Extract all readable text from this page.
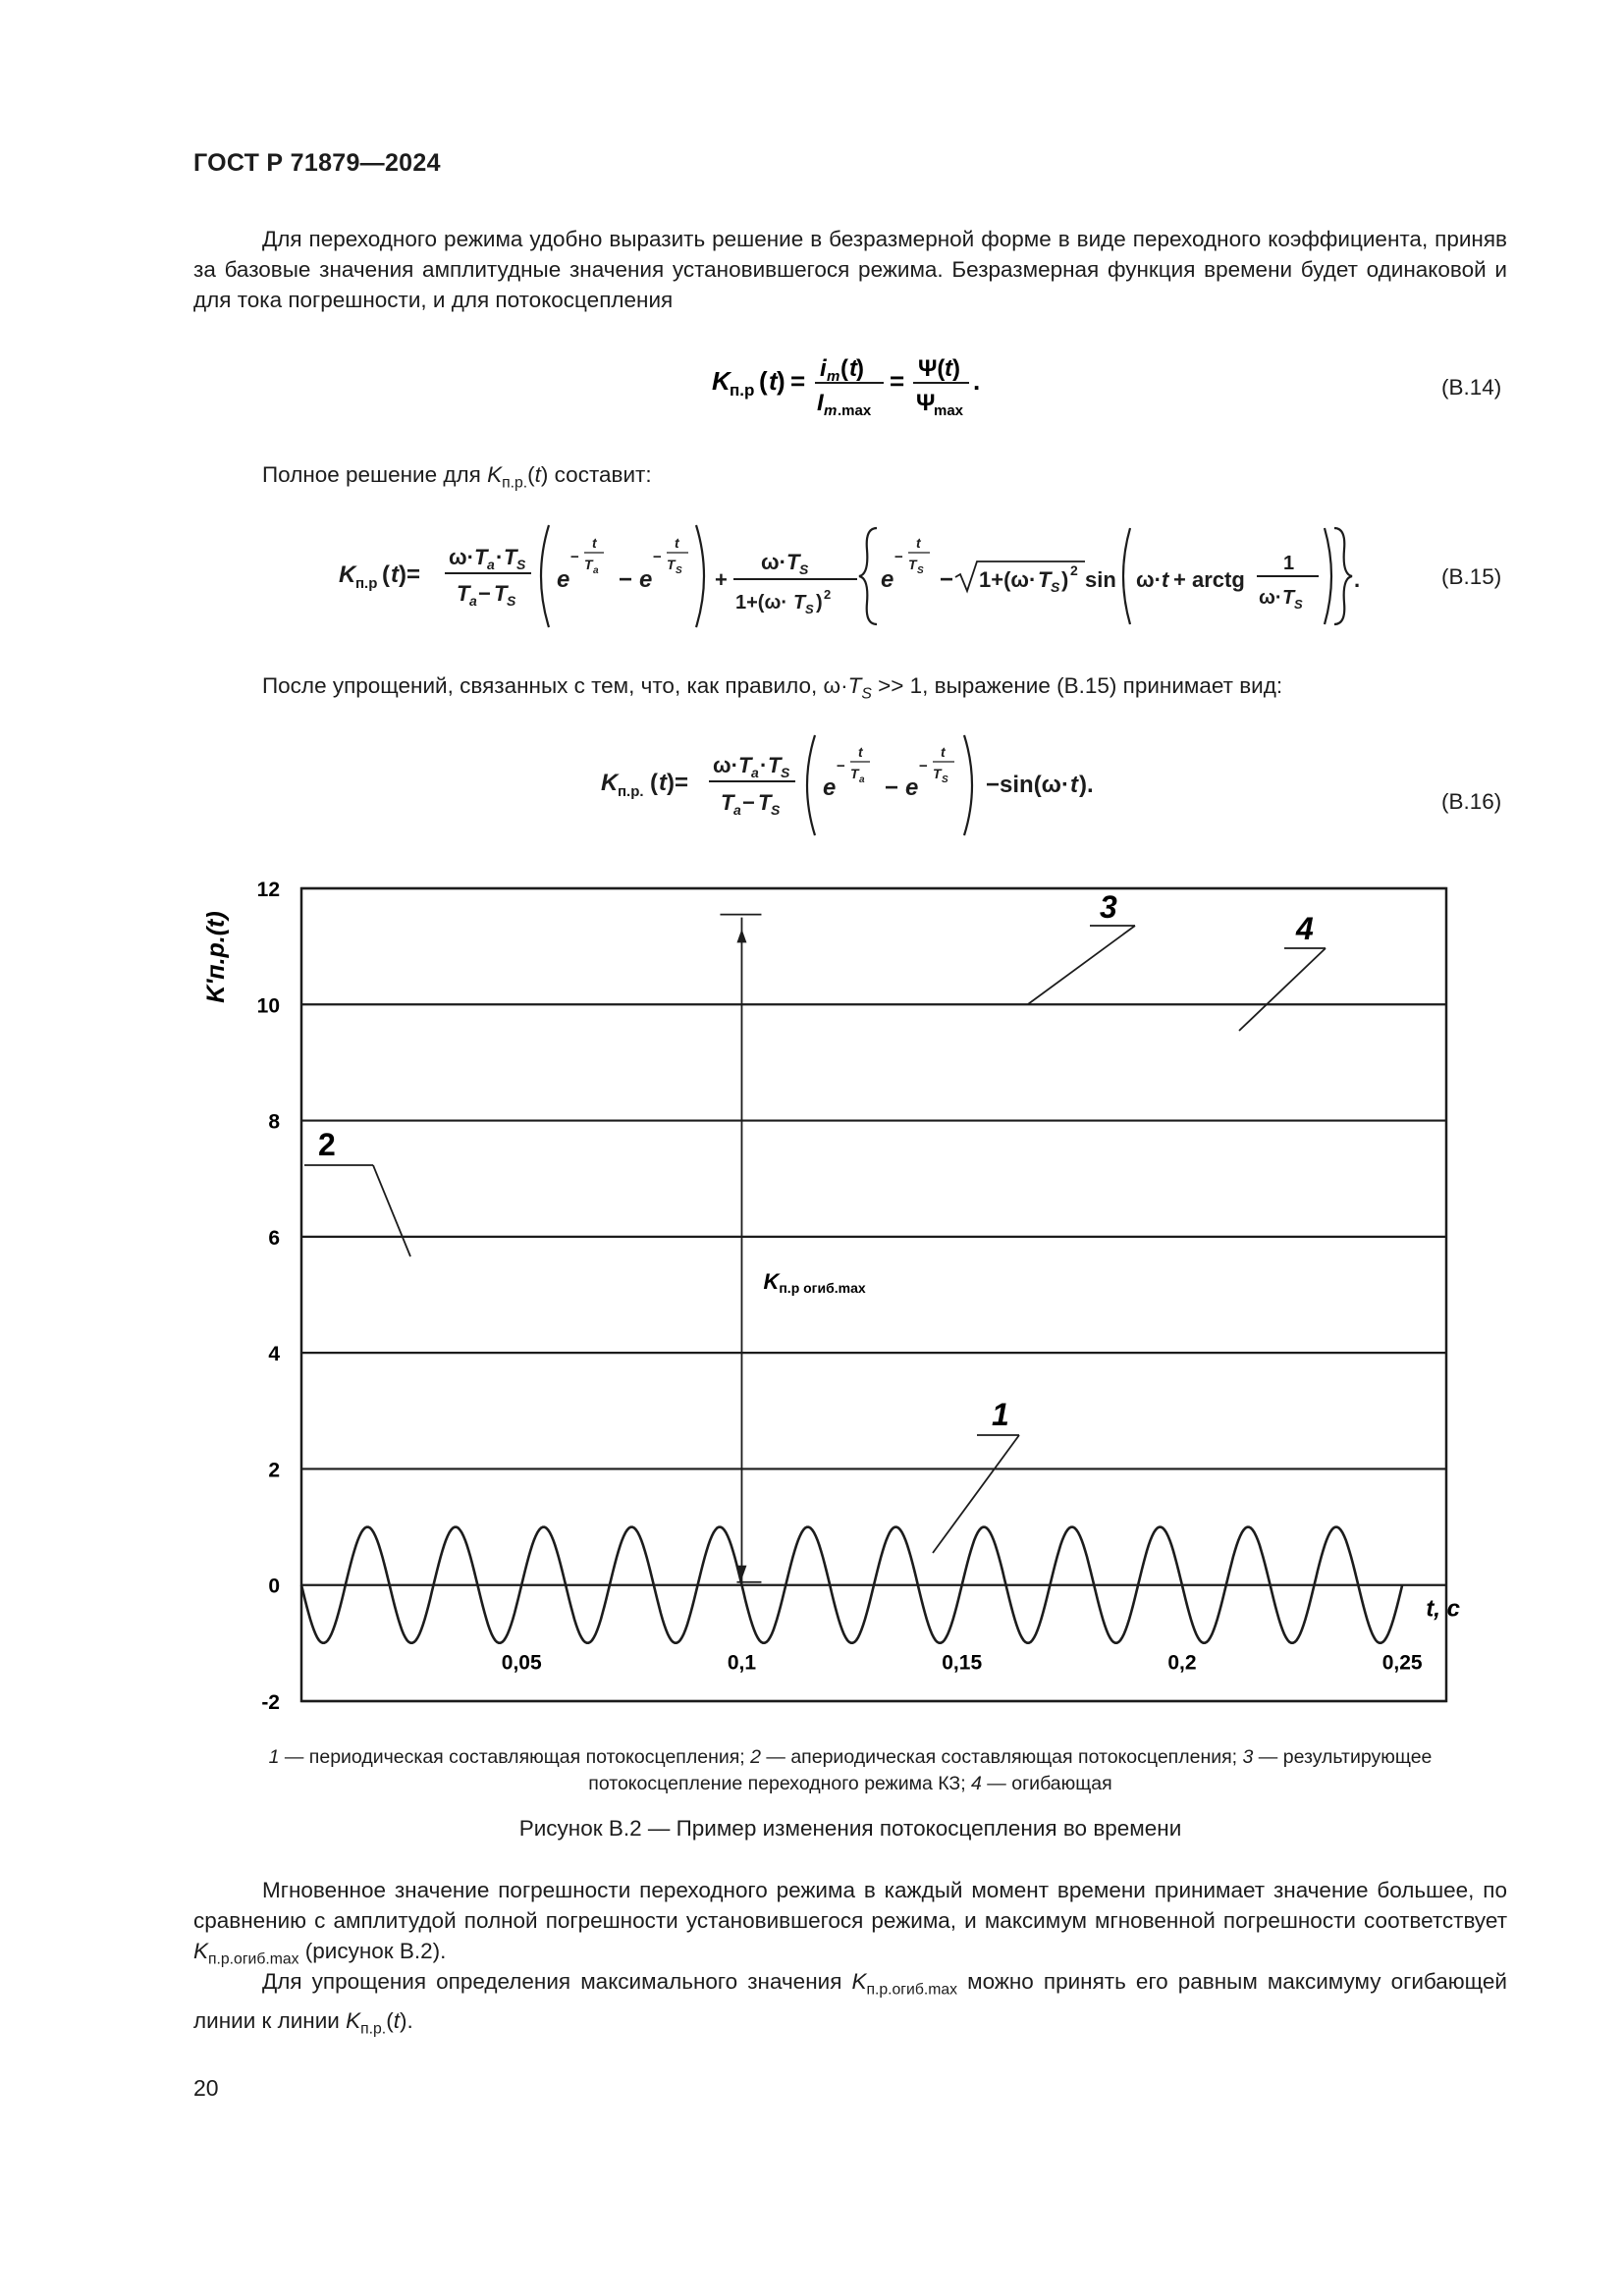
ГОСТ Р 71879—2024
Для переходного режима удобно выразить решение в безразмерной форме в виде переходного коэффициента, приняв за базовые значения амплитудные значения установившегося режима. Безразмерная функция времени будет одинаковой и для тока погрешности, и для потокосцепления
K п.р ( t ) = i m ( t )
I m .max
= Ψ( t )
Ψ
max
.	(B.14)
Полное решение для $K_{п.р.}(t)$ составит:
K п.р ( t )=
ω· T a · T S
T a − T S
e
−
t
T a − e
−
t
T S +
ω· T S
1+(ω· T S ) 2
e
−
t
T S − 1+(ω· T S ) 2 sin ω· t + arctg
1
ω· T S
.	(B.15)
После упрощений, связанных с тем, что, как правило, $\omega\cdot T_S >> 1$, выражение (В.15) принимает вид:
K п.р. ( t )=
ω· T a · T S
T a − T S
e
−
t
T a − e
−
t
T S −sin(ω· t ).
(B.16)
-2
0
2
4
6
8
10
12
0,05	0,1	0,15	0,2	0,25
K'п.р.(t)
t, с
Kп.р огиб.max
1
2
3
4
1 — периодическая составляющая потокосцепления; 2 — апериодическая составляющая потокосцепления; 3 — результирующее потокосцепление переходного режима КЗ; 4 — огибающая
Рисунок В.2 — Пример изменения потокосцепления во времени
Мгновенное значение погрешности переходного режима в каждый момент времени принимает значение большее, по сравнению с амплитудой полной погрешности установившегося режима, и максимум мгновенной погрешности соответствует $K_{п.р.огиб.max}$ (рисунок В.2).
Для упрощения определения максимального значения $K_{п.р.огиб.max}$ можно принять его равным максимуму огибающей линии к линии $K_{п.р.}(t)$.
20
